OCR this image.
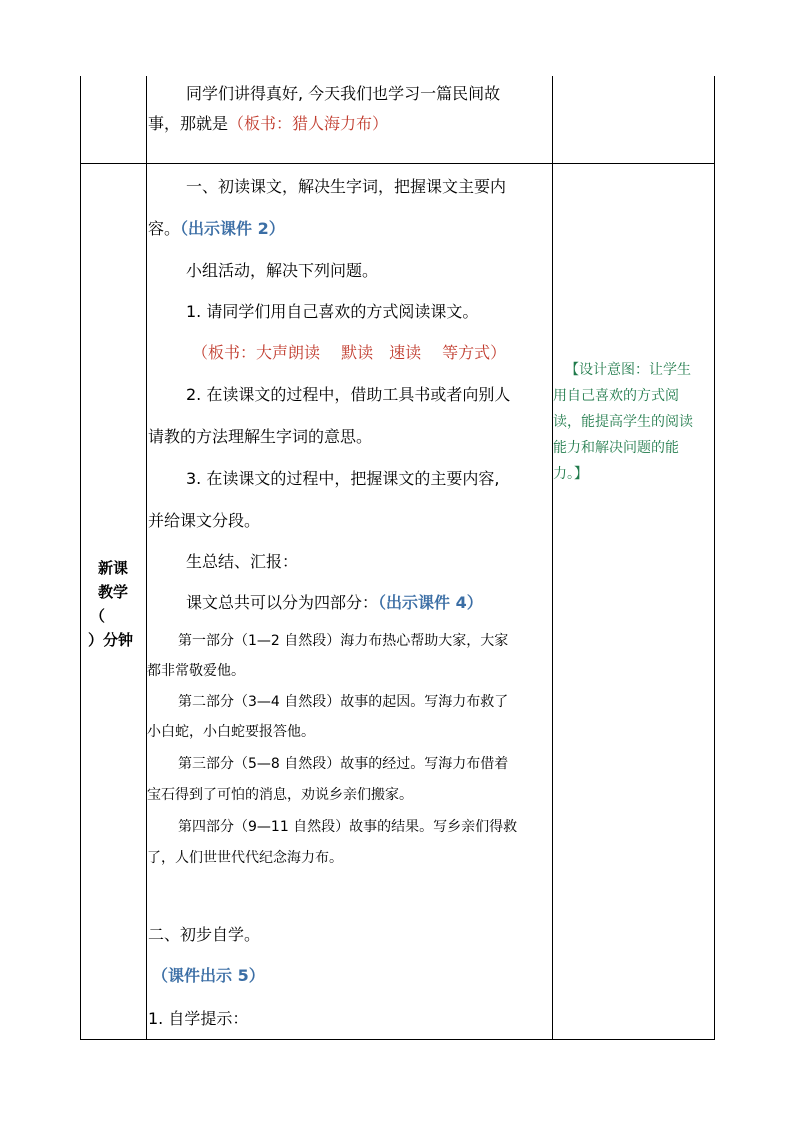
同学们讲得真好, 今天我们也学习一篇民间故
事，那就是（板书：猎人海力布）
新课
教学
（
）分钟
一、初读课文，解决生字词，把握课文主要内
容。（出示课件 2）
小组活动，解决下列问题。
1. 请同学们用自己喜欢的方式阅读课文。
（板书：大声朗读　 默读　速读　 等方式）
2. 在读课文的过程中，借助工具书或者向别人
请教的方法理解生字词的意思。
3. 在读课文的过程中，把握课文的主要内容,
并给课文分段。
生总结、汇报：
课文总共可以分为四部分：（出示课件 4）
第一部分（1—2 自然段）海力布热心帮助大家，大家
都非常敬爱他。
第二部分（3—4 自然段）故事的起因。写海力布救了
小白蛇，小白蛇要报答他。
第三部分（5—8 自然段）故事的经过。写海力布借着
宝石得到了可怕的消息，劝说乡亲们搬家。
第四部分（9—11 自然段）故事的结果。写乡亲们得救
了，人们世世代代纪念海力布。
二、初步自学。
（课件出示 5）
1. 自学提示：
【设计意图：让学生
用自己喜欢的方式阅
读，能提高学生的阅读
能力和解决问题的能
力。】
